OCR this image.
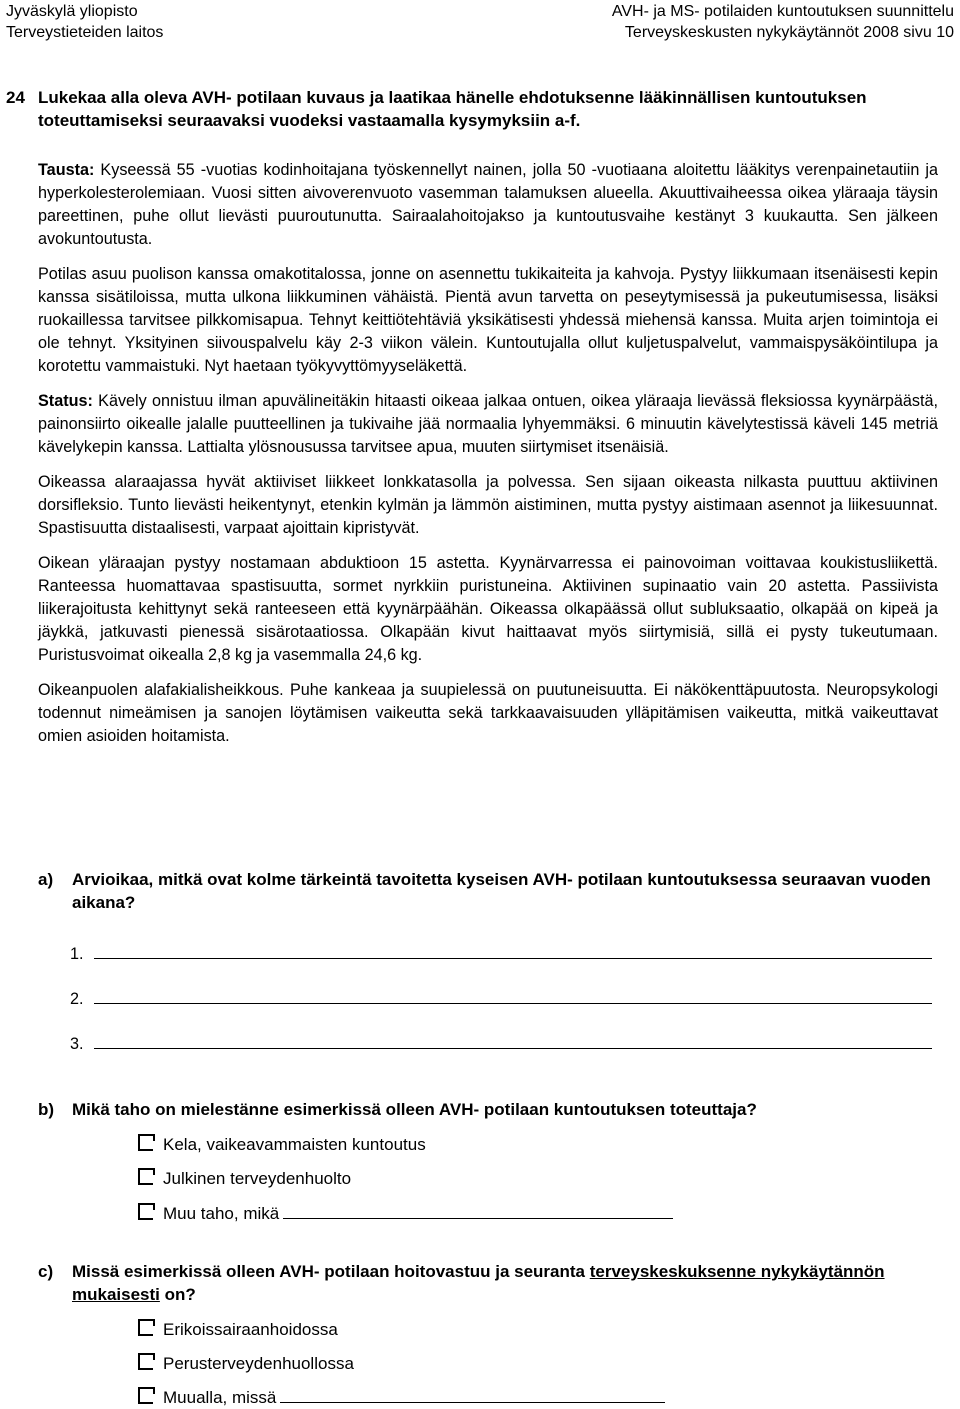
Jyväskylä yliopisto
Terveystieteiden laitos
AVH- ja MS- potilaiden kuntoutuksen suunnittelu
Terveyskeskusten nykykäytännöt 2008 sivu 10
24 Lukekaa alla oleva AVH- potilaan kuvaus ja laatikaa hänelle ehdotuksenne lääkinnällisen kuntoutuksen toteuttamiseksi seuraavaksi vuodeksi vastaamalla kysymyksiin a-f.

Tausta: Kyseessä 55 -vuotias kodinhoitajana työskennellyt nainen, jolla 50 -vuotiaana aloitettu lääkitys verenpainetautiin ja hyperkolesterolemiaan. Vuosi sitten aivoverenvuoto vasemman talamuksen alueella. Akuuttivaiheessa oikea yläraaja täysin pareettinen, puhe ollut lievästi puuroutunutta. Sairaalahoitojakso ja kuntoutusvaihe kestänyt 3 kuukautta. Sen jälkeen avokuntoutusta.

Potilas asuu puolison kanssa omakotitalossa, jonne on asennettu tukikaiteita ja kahvoja. Pystyy liikkumaan itsenäisesti kepin kanssa sisätiloissa, mutta ulkona liikkuminen vähäistä. Pientä avun tarvetta on peseytymisessä ja pukeutumisessa, lisäksi ruokaillessa tarvitsee pilkkomisapua. Tehnyt keittiötehtäviä yksikätisesti yhdessä miehensä kanssa. Muita arjen toimintoja ei ole tehnyt. Yksityinen siivouspalvelu käy 2-3 viikon välein. Kuntoutujalla ollut kuljetuspalvelut, vammaispysäköintilupa ja korotettu vammaistuki. Nyt haetaan työkyvyttömyyseläkettä.

Status: Kävely onnistuu ilman apuvälineitäkin hitaasti oikeaa jalkaa ontuen, oikea yläraaja lievässä fleksiossa kyynärpäästä, painonsiirto oikealle jalalle puutteellinen ja tukivaihe jää normaalia lyhyemmäksi. 6 minuutin kävelytestissä käveli 145 metriä kävelykepin kanssa. Lattialta ylösnousussa tarvitsee apua, muuten siirtymiset itsenäisiä.

Oikeassa alaraajassa hyvät aktiiviset liikkeet lonkkatasolla ja polvessa. Sen sijaan oikeasta nilkasta puuttuu aktiivinen dorsifleksio. Tunto lievästi heikentynyt, etenkin kylmän ja lämmön aistiminen, mutta pystyy aistimaan asennot ja liikesuunnat. Spastisuutta distaalisesti, varpaat ajoittain kipristyvät.

Oikean yläraajan pystyy nostamaan abduktioon 15 astetta. Kyynärvarressa ei painovoiman voittavaa koukistusliikettä. Ranteessa huomattavaa spastisuutta, sormet nyrkkiin puristuneina. Aktiivinen supinaatio vain 20 astetta. Passiivista liikerajoitusta kehittynyt sekä ranteeseen että kyynärpäähän. Oikeassa olkapäässä ollut subluksaatio, olkapää on kipeä ja jäykkä, jatkuvasti pienessä sisärotaatiossa. Olkapään kivut haittaavat myös siirtymisiä, sillä ei pysty tukeutumaan. Puristusvoimat oikealla 2,8 kg ja vasemmalla 24,6 kg.

Oikeanpuolen alafakialisheikkous. Puhe kankeaa ja suupielessä on puutuneisuutta. Ei näkökenttäpuutosta. Neuropsykologi todennut nimeämisen ja sanojen löytämisen vaikeutta sekä tarkkaavaisuuden ylläpitämisen vaikeutta, mitkä vaikeuttavat omien asioiden hoitamista.

a) Arvioikaa, mitkä ovat kolme tärkeintä tavoitetta kyseisen AVH- potilaan kuntoutuksessa seuraavan vuoden aikana?
1.
2.
3.
b) Mikä taho on mielestänne esimerkissä olleen AVH- potilaan kuntoutuksen toteuttaja?
Kela, vaikeavammaisten kuntoutus
Julkinen terveydenhuolto
Muu taho, mikä
c) Missä esimerkissä olleen AVH- potilaan hoitovastuu ja seuranta terveyskeskuksenne nykykäytännön mukaisesti on?
Erikoissairaanhoidossa
Perusterveydenhuollossa
Muualla, missä
